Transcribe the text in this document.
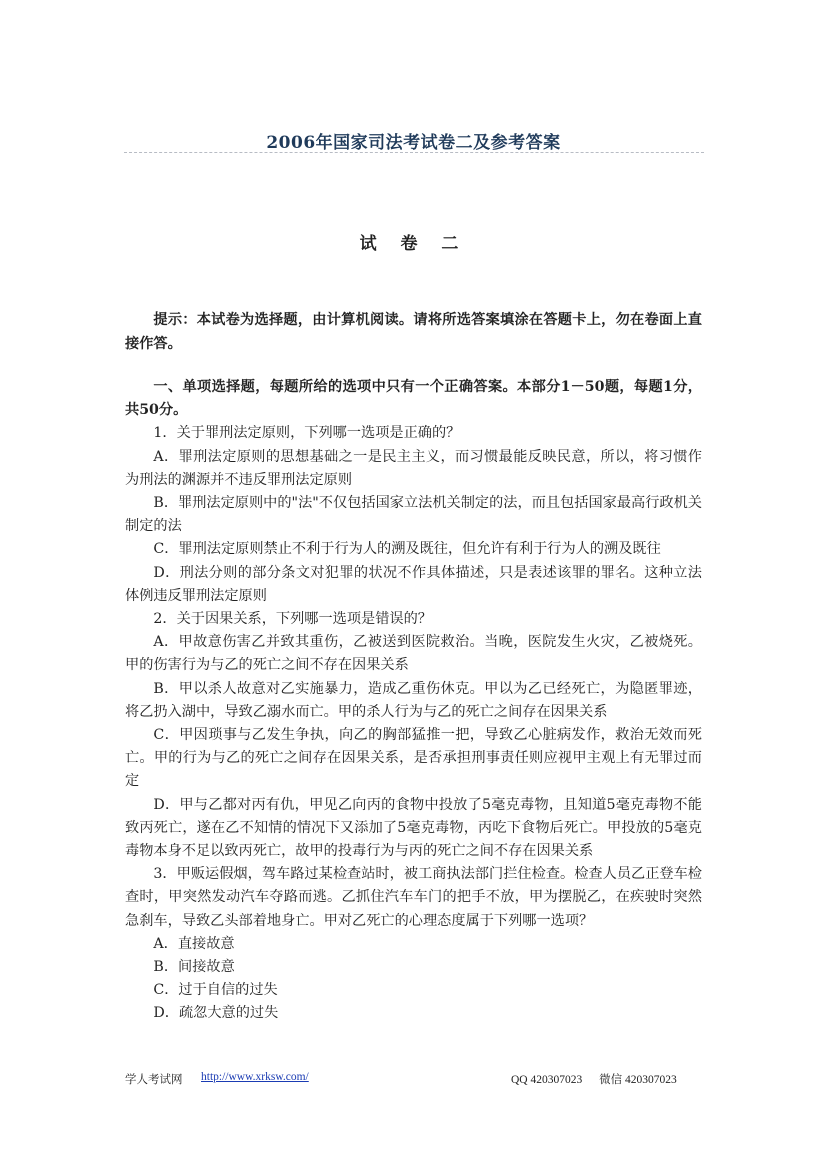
2006年国家司法考试卷二及参考答案
试 卷 二

提示：本试卷为选择题，由计算机阅读。请将所选答案填涂在答题卡上，勿在卷面上直接作答。

一、单项选择题，每题所给的选项中只有一个正确答案。本部分1－50题，每题1分，共50分。

1．关于罪刑法定原则，下列哪一选项是正确的？

A．罪刑法定原则的思想基础之一是民主主义，而习惯最能反映民意，所以，将习惯作为刑法的渊源并不违反罪刑法定原则

B．罪刑法定原则中的"法"不仅包括国家立法机关制定的法，而且包括国家最高行政机关制定的法

C．罪刑法定原则禁止不利于行为人的溯及既往，但允许有利于行为人的溯及既往

D．刑法分则的部分条文对犯罪的状况不作具体描述，只是表述该罪的罪名。这种立法体例违反罪刑法定原则

2．关于因果关系，下列哪一选项是错误的？

A．甲故意伤害乙并致其重伤，乙被送到医院救治。当晚，医院发生火灾，乙被烧死。甲的伤害行为与乙的死亡之间不存在因果关系

B．甲以杀人故意对乙实施暴力，造成乙重伤休克。甲以为乙已经死亡，为隐匿罪迹，将乙扔入湖中，导致乙溺水而亡。甲的杀人行为与乙的死亡之间存在因果关系

C．甲因琐事与乙发生争执，向乙的胸部猛推一把，导致乙心脏病发作，救治无效而死亡。甲的行为与乙的死亡之间存在因果关系，是否承担刑事责任则应视甲主观上有无罪过而定

D．甲与乙都对丙有仇，甲见乙向丙的食物中投放了5毫克毒物，且知道5毫克毒物不能致丙死亡，遂在乙不知情的情况下又添加了5毫克毒物，丙吃下食物后死亡。甲投放的5毫克毒物本身不足以致丙死亡，故甲的投毒行为与丙的死亡之间不存在因果关系

3．甲贩运假烟，驾车路过某检查站时，被工商执法部门拦住检查。检查人员乙正登车检查时，甲突然发动汽车夺路而逃。乙抓住汽车车门的把手不放，甲为摆脱乙，在疾驶时突然急刹车，导致乙头部着地身亡。甲对乙死亡的心理态度属于下列哪一选项？

A．直接故意

B．间接故意

C．过于自信的过失

D．疏忽大意的过失

学人考试网 http://www.xrksw.com/	QQ 420307023 微信 420307023
